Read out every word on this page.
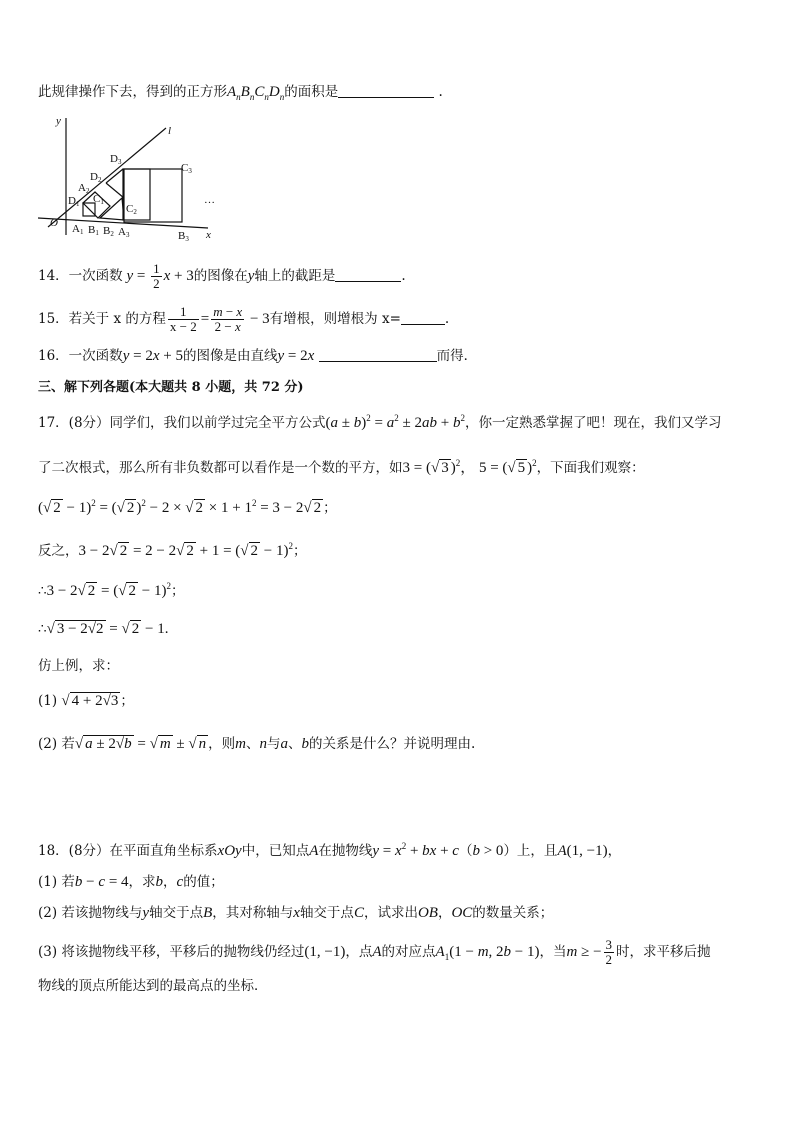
此规律操作下去，得到的正方形$A_nB_nC_nD_n$的面积是	.
y
x
l
O A1 B1 B2 A3	B3
A2
D1 C1
D2
C2
D3	C3
…
14．一次函数 $y = \frac{1}{2}$ x + 3的图像在y轴上的截距是	.
15．若关于 x 的方程 $\frac{1}{x - 2} = \frac{m - x}{2 - x} - 3$有增根，则增根为 x=	.
16．一次函数y = 2x + 5的图像是由直线y = 2x	而得．
三、解下列各题(本大题共 8 小题，共 72 分)
17．(8分）同学们，我们以前学过完全平方公式$(a \pm b)^2 = a^2 \pm 2ab + b^2$，你一定熟悉掌握了吧！现在，我们又学习
了二次根式，那么所有非负数都可以看作是一个数的平方，如3 = (√ 3 )$^2$， 5 = (√ 5 )$^2$，下面我们观察：
(√ 2 − 1)$^2$ = (√ 2 )$^2$ − 2 × √ $2 \times 1 + 1^2 = 3 - 2√$ 2 ；
反之，3 − 2√ 2 = 2 − 2√ 2 + 1 = (√ 2 − 1)$^2$；
∴3 − 2√ 2 = (√ 2 − 1)$^2$；
∴√ 3 − 2√2 = √ 2 − 1.
仿上例，求：
(1) √ 4 + 2√3 ；
(2) 若√ a ± 2√b = √ m ± √ n ，则m、n与a、b的关系是什么？并说明理由.
18．(8分）在平面直角坐标系xOy中，已知点A在抛物线$y = x^2$ + bx + c（b > 0）上，且A(1, −1)，
(1) 若b − c = 4，求b，c的值；
(2) 若该抛物线与y轴交于点B，其对称轴与x轴交于点C，试求出OB，OC的数量关系；
(3) 将该抛物线平移，平移后的抛物线仍经过(1, −1)，点A的对应点$A_1(1 - m$, 2b − 1)，当m ≥ − $\frac{3}{2}$ 时，求平移后抛
物线的顶点所能达到的最高点的坐标．
